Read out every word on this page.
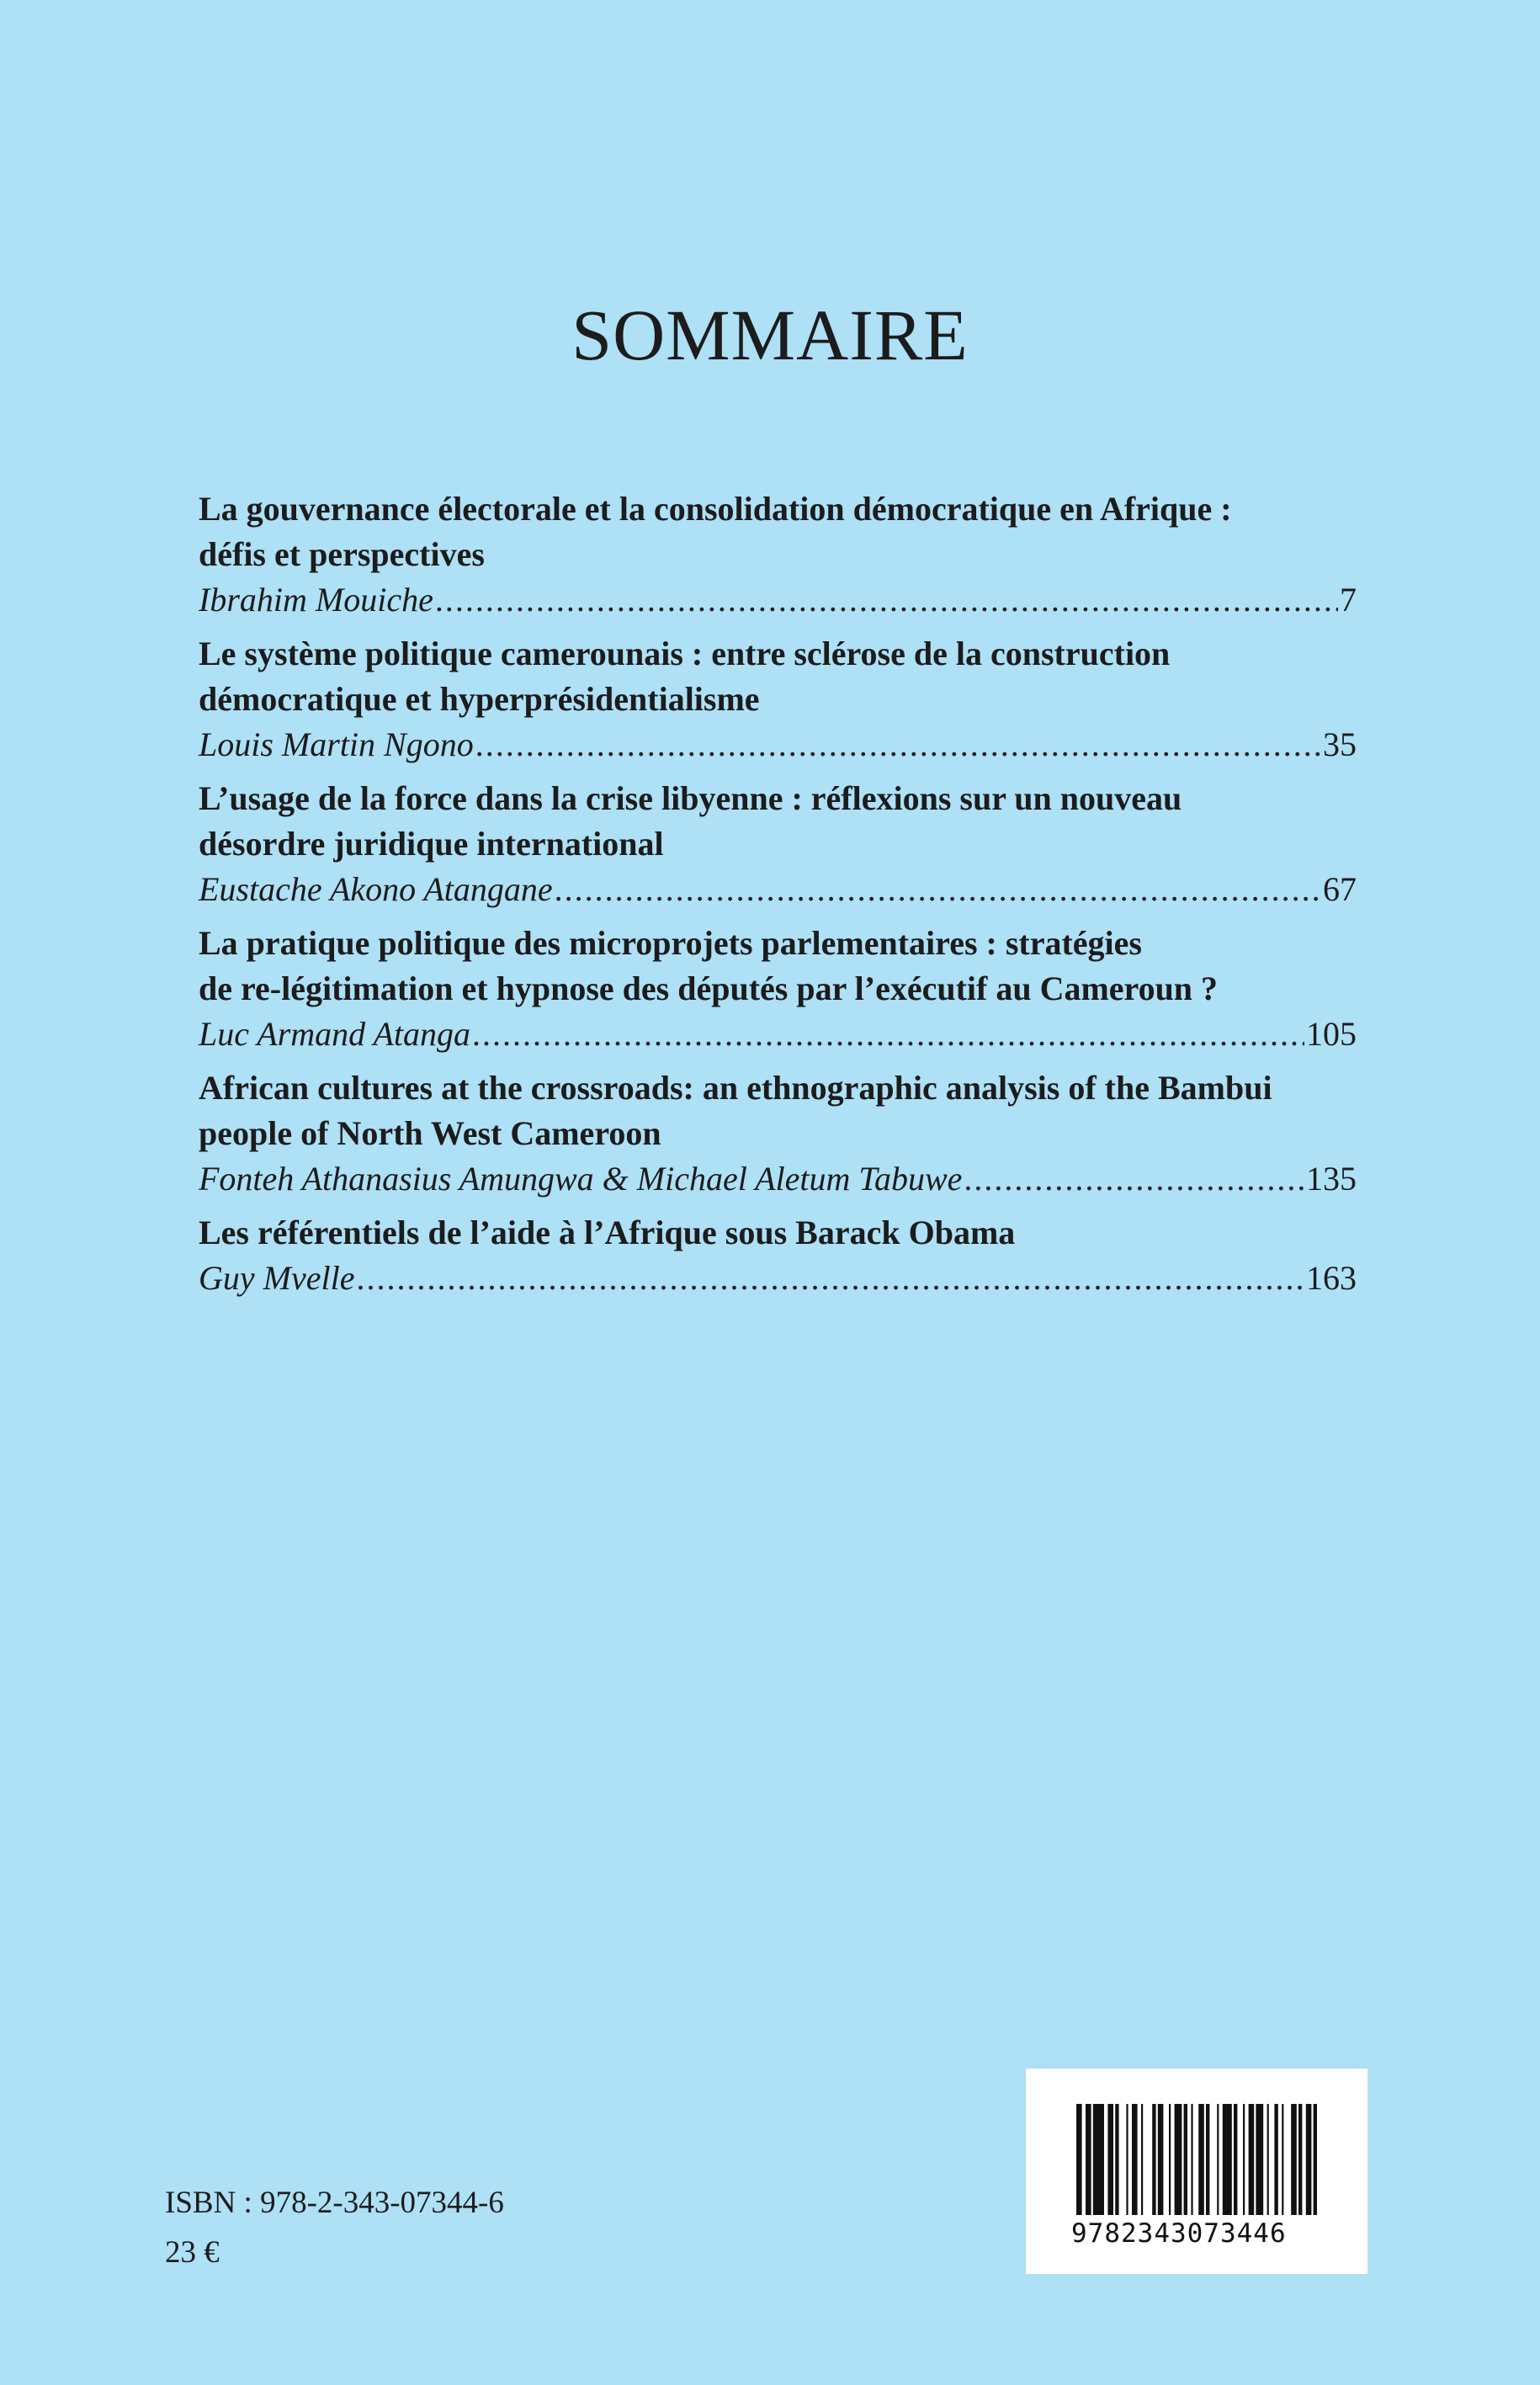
SOMMAIRE
La gouvernance électorale et la consolidation démocratique en Afrique :
défis et perspectives
Ibrahim Mouiche .....	7
Le système politique camerounais : entre sclérose de la construction
démocratique et hyperprésidentialisme
Louis Martin Ngono .....	35
L’usage de la force dans la crise libyenne : réflexions sur un nouveau
désordre juridique international
Eustache Akono Atangane .....	67
La pratique politique des microprojets parlementaires : stratégies
de re-légitimation et hypnose des députés par l’exécutif au Cameroun ?
Luc Armand Atanga .....	105
African cultures at the crossroads: an ethnographic analysis of the Bambui
people of North West Cameroon
Fonteh Athanasius Amungwa & Michael Aletum Tabuwe .....	135
Les référentiels de l’aide à l’Afrique sous Barack Obama
Guy Mvelle .....	163
ISBN : 978-2-343-07344-6
23 €
9782343073446
